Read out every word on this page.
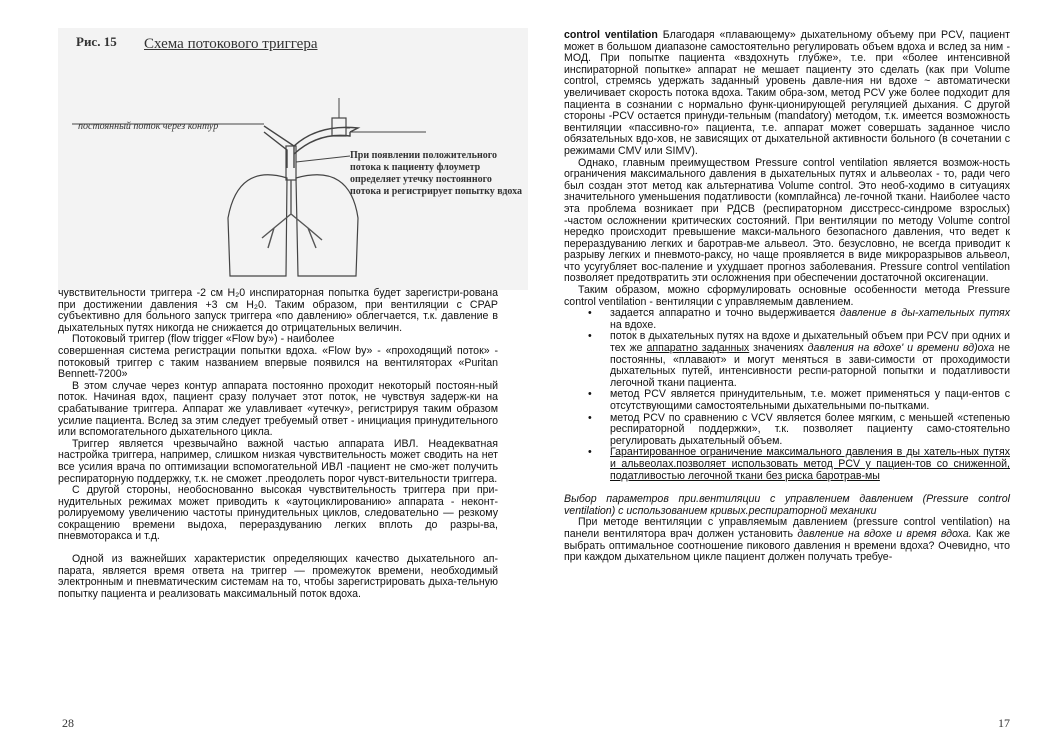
Рис. 15 Схема потокового триггера
постоянный поток через контур
При появлении положительного потока к пациенту флоуметр определяет утечку постоянного потока и регистрирует попытку вдоха

чувствительности триггера -2 см H₂0 инспираторная попытка будет зарегистри-рована при достижении давления +3 см H₂0. Таким образом, при вентиляции с CPAP субъективно для больного запуск триггера «по давлению» облегчается, т.к. давление в дыхательных путях никогда не снижается до отрицательных величин.

Потоковый триггер (flow trigger «Flow by») - наиболее

совершенная система регистрации попытки вдоха. «Flow by» - «проходящий поток» - потоковый триггер с таким названием впервые появился на вентиляторах «Puritan Bennett-7200»

В этом случае через контур аппарата постоянно проходит некоторый постоян-ный поток. Начиная вдох, пациент сразу получает этот поток, не чувствуя задерж-ки на срабатывание триггера. Аппарат же улавливает «утечку», регистрируя таким образом усилие пациента. Вслед за этим следует требуемый ответ - инициация принудительного или вспомогательного дыхательного цикла.

Триггер является чрезвычайно важной частью аппарата ИВЛ. Неадекватная настройка триггера, например, слишком низкая чувствительность может сводить на нет все усилия врача по оптимизации вспомогательной ИВЛ -пациент не смо-жет получить респираторную поддержку, т.к. не сможет .преодолеть порог чувст-вительности триггера.

С другой стороны, необоснованно высокая чувствительность триггера при при-нудительных режимах может приводить к «аутоциклированию» аппарата - неконт-ролируемому увеличению частоты принудительных циклов, следовательно — резкому сокращению времени выдоха, перераздуванию легких вплоть до разры-ва, пневмоторакса и т.д.

Одной из важнейших характеристик определяющих качество дыхательного ап-парата, является время ответа на триггер — промежуток времени, необходимый электронным и пневматическим системам на то, чтобы зарегистрировать дыха-тельную попытку пациента и реализовать максимальный поток вдоха.

28

control ventilation Благодаря «плавающему» дыхательному объему при PCV, пациент может в большом диапазоне самостоятельно регулировать объем вдоха и вслед за ним - МОД. При попытке пациента «вздохнуть глубже», т.е. при «более интенсивной инспираторной попытке» аппарат не мешает пациенту это сделать (как при Volume control, стремясь удержать заданный уровень давле-ния ни вдохе ~ автоматически увеличивает скорость потока вдоха. Таким обра-зом, метод PCV уже более подходит для пациента в сознании с нормально функ-ционирующей регуляцией дыхания. С другой стороны -PCV остается принуди-тельным (mandatory) методом, т.к. имеется возможность вентиляции «пассивно-го» пациента, т.е. аппарат может совершать заданное число обязательных вдо-хов, не зависящих от дыхательной активности больного (в сочетании с режимами CMV или SIMV).

Однако, главным преимуществом Pressure control ventilation является возмож-ность ограничения максимального давления в дыхательных путях и альвеолах - то, ради чего был создан этот метод как альтернатива Volume control. Это необ-ходимо в ситуациях значительного уменьшения податливости (комплайнса) ле-гочной ткани. Наиболее часто эта проблема возникает при РДСВ (респираторном дисстресс-синдроме взрослых) -частом осложнении критических состояний. При вентиляции по методу Volume control нередко происходит превышение макси-мального безопасного давления, что ведет к перераздуванию легких и баротрав-ме альвеол. Это. безусловно, не всегда приводит к разрыву легких и пневмото-раксу, но чаще проявляется в виде микроразрывов альвеол, что усугубляет вос-паление и ухудшает прогноз заболевания. Pressure control ventilation позволяет предотвратить эти осложнения при обеспечении достаточной оксигенации.

Таким образом, можно сформулировать основные особенности метода Pressure control ventilation - вентиляции с управляемым давлением.

• задается аппаратно и точно выдерживается давление в ды-хательных путях на вдохе.
• поток в дыхательных путях на вдохе и дыхательный объем при PCV при одних и тех же аппаратно заданных значениях давления на вдохе' и времени вд)оха не постоянны, «плавают» и могут меняться в зави-симости от проходимости дыхательных путей, интенсивности респи-раторной попытки и податливости легочной ткани пациента.
• метод PCV является принудительным, т.е. может применяться у паци-ентов с отсутствующими самостоятельными дыхательными по-пытками.
• метод PCV по сравнению с VCV является более мягким, с меньшей «степенью респираторной поддержки», т.к. позволяет пациенту само-стоятельно регулировать дыхательный объем.
• Гарантированное ограничение максимального давления в ды хатель-ных путях и альвеолах.позволяет использовать метод PCV у пациен-тов со сниженной, податливостью легочной ткани без риска баротрав-мы

Выбор параметров при.вентиляции с управлением давлением (Pressure control ventilation) с использованием кривых.респираторной механики

При методе вентиляции с управляемым давлением (pressure control ventilation) на панели вентилятора врач должен установить давление на вдохе и время вдоха. Как же выбрать оптимальное соотношение пикового давления н времени вдоха? Очевидно, что при каждом дыхательном цикле пациент должен получать требуе-

17
